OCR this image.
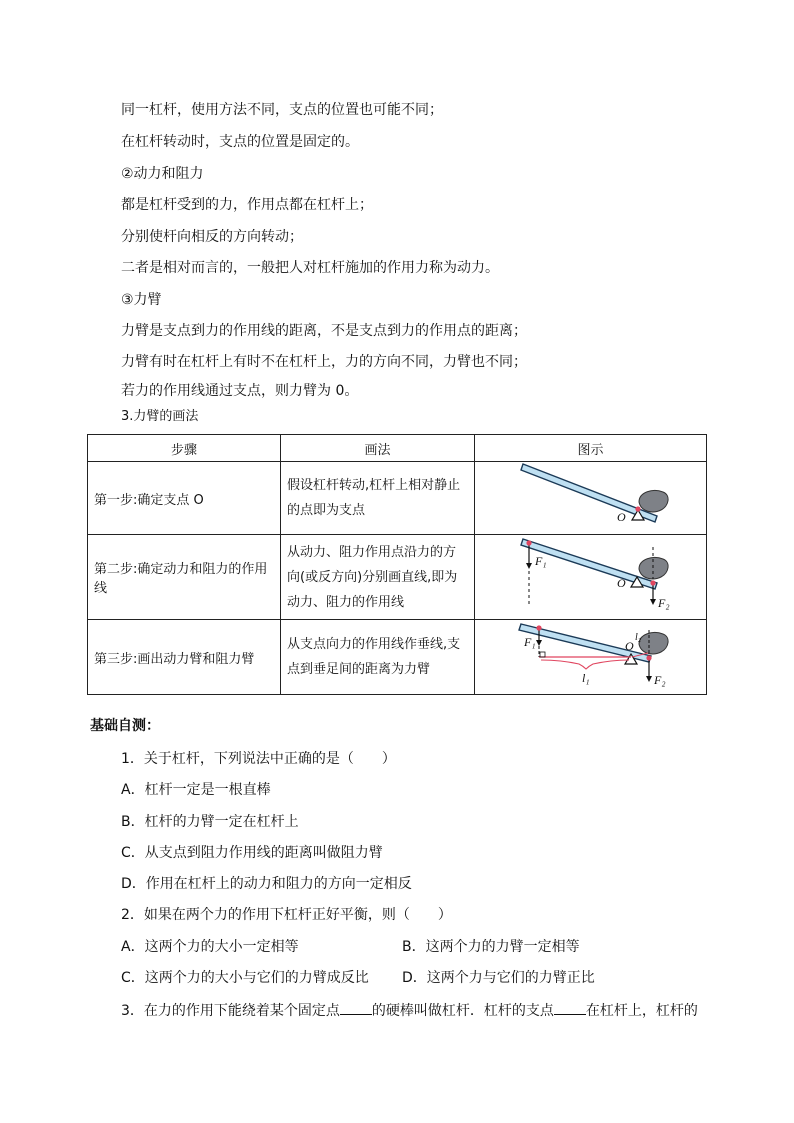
同一杠杆，使用方法不同，支点的位置也可能不同；
在杠杆转动时，支点的位置是固定的。
②动力和阻力
都是杠杆受到的力，作用点都在杠杆上；
分别使杆向相反的方向转动；
二者是相对而言的，一般把人对杠杆施加的作用力称为动力。
③力臂
力臂是支点到力的作用线的距离，不是支点到力的作用点的距离；
力臂有时在杠杆上有时不在杠杆上，力的方向不同，力臂也不同；
若力的作用线通过支点，则力臂为 0。
3.力臂的画法
步骤	画法	图示
第一步:确定支点 O	假设杠杆转动,杠杆上相对静止的点即为支点	O

第二步:确定动力和阻力的作用线	从动力、阻力作用点沿力的方向(或反方向)分别画直线,即为动力、阻力的作用线	F₁
O
F₂

第三步:画出动力臂和阻力臂	从支点向力的作用线作垂线,支点到垂足间的距离为力臂	F₁ O
l₂
l₁ F₂
基础自测：
1．关于杠杆，下列说法中正确的是（　　）
A．杠杆一定是一根直棒
B．杠杆的力臂一定在杠杆上
C．从支点到阻力作用线的距离叫做阻力臂
D．作用在杠杆上的动力和阻力的方向一定相反
2．如果在两个力的作用下杠杆正好平衡，则（　　）
A．这两个力的大小一定相等	B．这两个力的力臂一定相等
C．这两个力的大小与它们的力臂成反比 D．这两个力与它们的力臂正比
3．在力的作用下能绕着某个固定点 的硬棒叫做杠杆．杠杆的支点 在杠杆上，杠杆的
